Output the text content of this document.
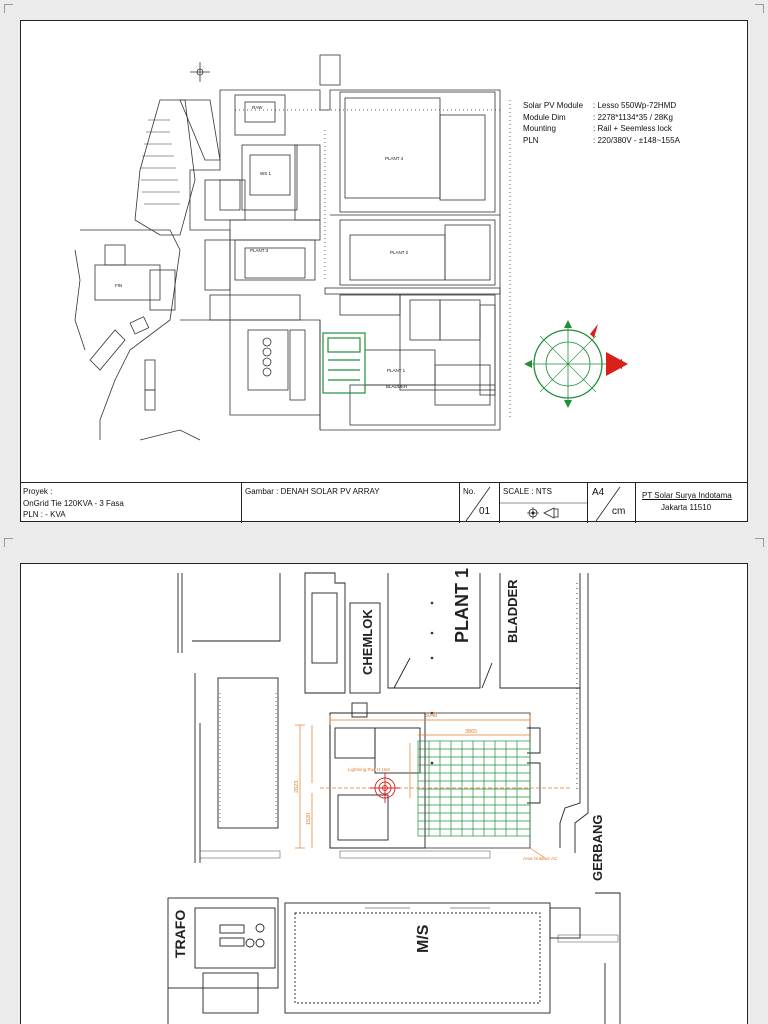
RAW
PLANT 4
WS 1
PLANT 3	PLANT 2
PLANT 1
BLADDER
FIN
Solar PV Module	: Lesso 550Wp-72HMD
Module Dim	: 2278*1134*35 / 28Kg
Mounting	: Rail + Seemless lock
PLN	: 220/380V - ±148~155A
Proyek :
OnGrid Tie 120KVA - 3 Fasa
PLN : - KVA
Gambar : DENAH SOLAR PV ARRAY	No.
01
SCALE : NTS	A4
cm
PT Solar Surya Indotama
Jakarta 11510
PLANT 1	BLADDER
CHEMLOK
GERBANG
M/S
TRAFO
5048
3865
2823
1520
Lightning Rod H 15m
Area Outdoor AC
